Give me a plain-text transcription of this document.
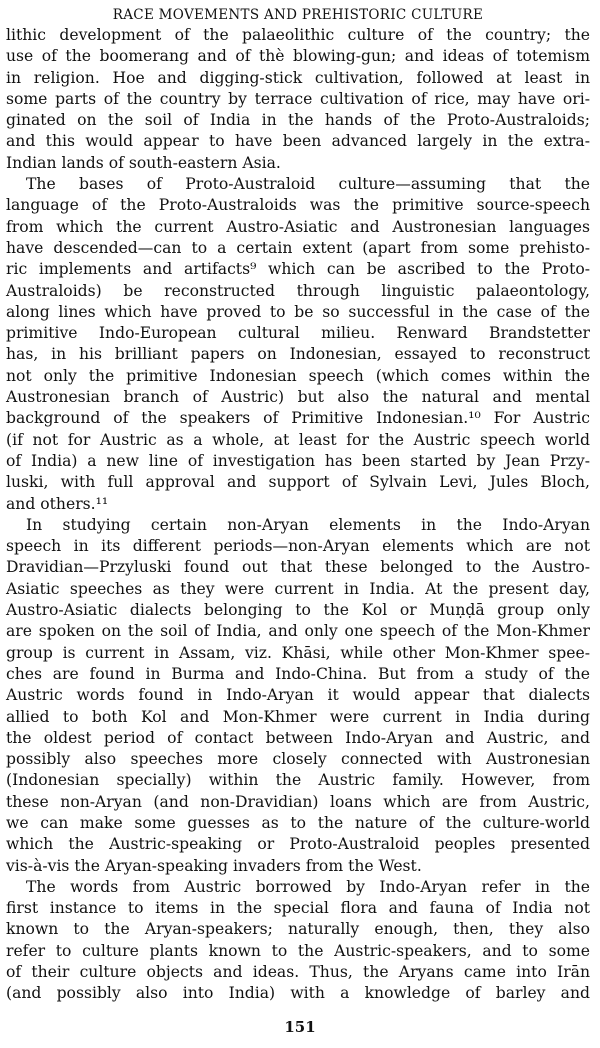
RACE MOVEMENTS AND PREHISTORIC CULTURE
lithic development of the palaeolithic culture of the country; the
use of the boomerang and of thè blowing-gun; and ideas of totemism
in religion. Hoe and digging-stick cultivation, followed at least in
some parts of the country by terrace cultivation of rice, may have ori-
ginated on the soil of India in the hands of the Proto-Australoids;
and this would appear to have been advanced largely in the extra-
Indian lands of south-eastern Asia.
The bases of Proto-Australoid culture—assuming that the
language of the Proto-Australoids was the primitive source-speech
from which the current Austro-Asiatic and Austronesian languages
have descended—can to a certain extent (apart from some prehisto-
ric implements and artifacts⁹ which can be ascribed to the Proto-
Australoids) be reconstructed through linguistic palaeontology,
along lines which have proved to be so successful in the case of the
primitive Indo-European cultural milieu. Renward Brandstetter
has, in his brilliant papers on Indonesian, essayed to reconstruct
not only the primitive Indonesian speech (which comes within the
Austronesian branch of Austric) but also the natural and mental
background of the speakers of Primitive Indonesian.¹⁰ For Austric
(if not for Austric as a whole, at least for the Austric speech world
of India) a new line of investigation has been started by Jean Przy-
luski, with full approval and support of Sylvain Levi, Jules Bloch,
and others.¹¹
In studying certain non-Aryan elements in the Indo-Aryan
speech in its different periods—non-Aryan elements which are not
Dravidian—Przyluski found out that these belonged to the Austro-
Asiatic speeches as they were current in India. At the present day,
Austro-Asiatic dialects belonging to the Kol or Muṇḍā group only
are spoken on the soil of India, and only one speech of the Mon-Khmer
group is current in Assam, viz. Khāsi, while other Mon-Khmer spee-
ches are found in Burma and Indo-China. But from a study of the
Austric words found in Indo-Aryan it would appear that dialects
allied to both Kol and Mon-Khmer were current in India during
the oldest period of contact between Indo-Aryan and Austric, and
possibly also speeches more closely connected with Austronesian
(Indonesian specially) within the Austric family. However, from
these non-Aryan (and non-Dravidian) loans which are from Austric,
we can make some guesses as to the nature of the culture-world
which the Austric-speaking or Proto-Australoid peoples presented
vis-à-vis the Aryan-speaking invaders from the West.
The words from Austric borrowed by Indo-Aryan refer in the
first instance to items in the special flora and fauna of India not
known to the Aryan-speakers; naturally enough, then, they also
refer to culture plants known to the Austric-speakers, and to some
of their culture objects and ideas. Thus, the Aryans came into Irān
(and possibly also into India) with a knowledge of barley and
151
